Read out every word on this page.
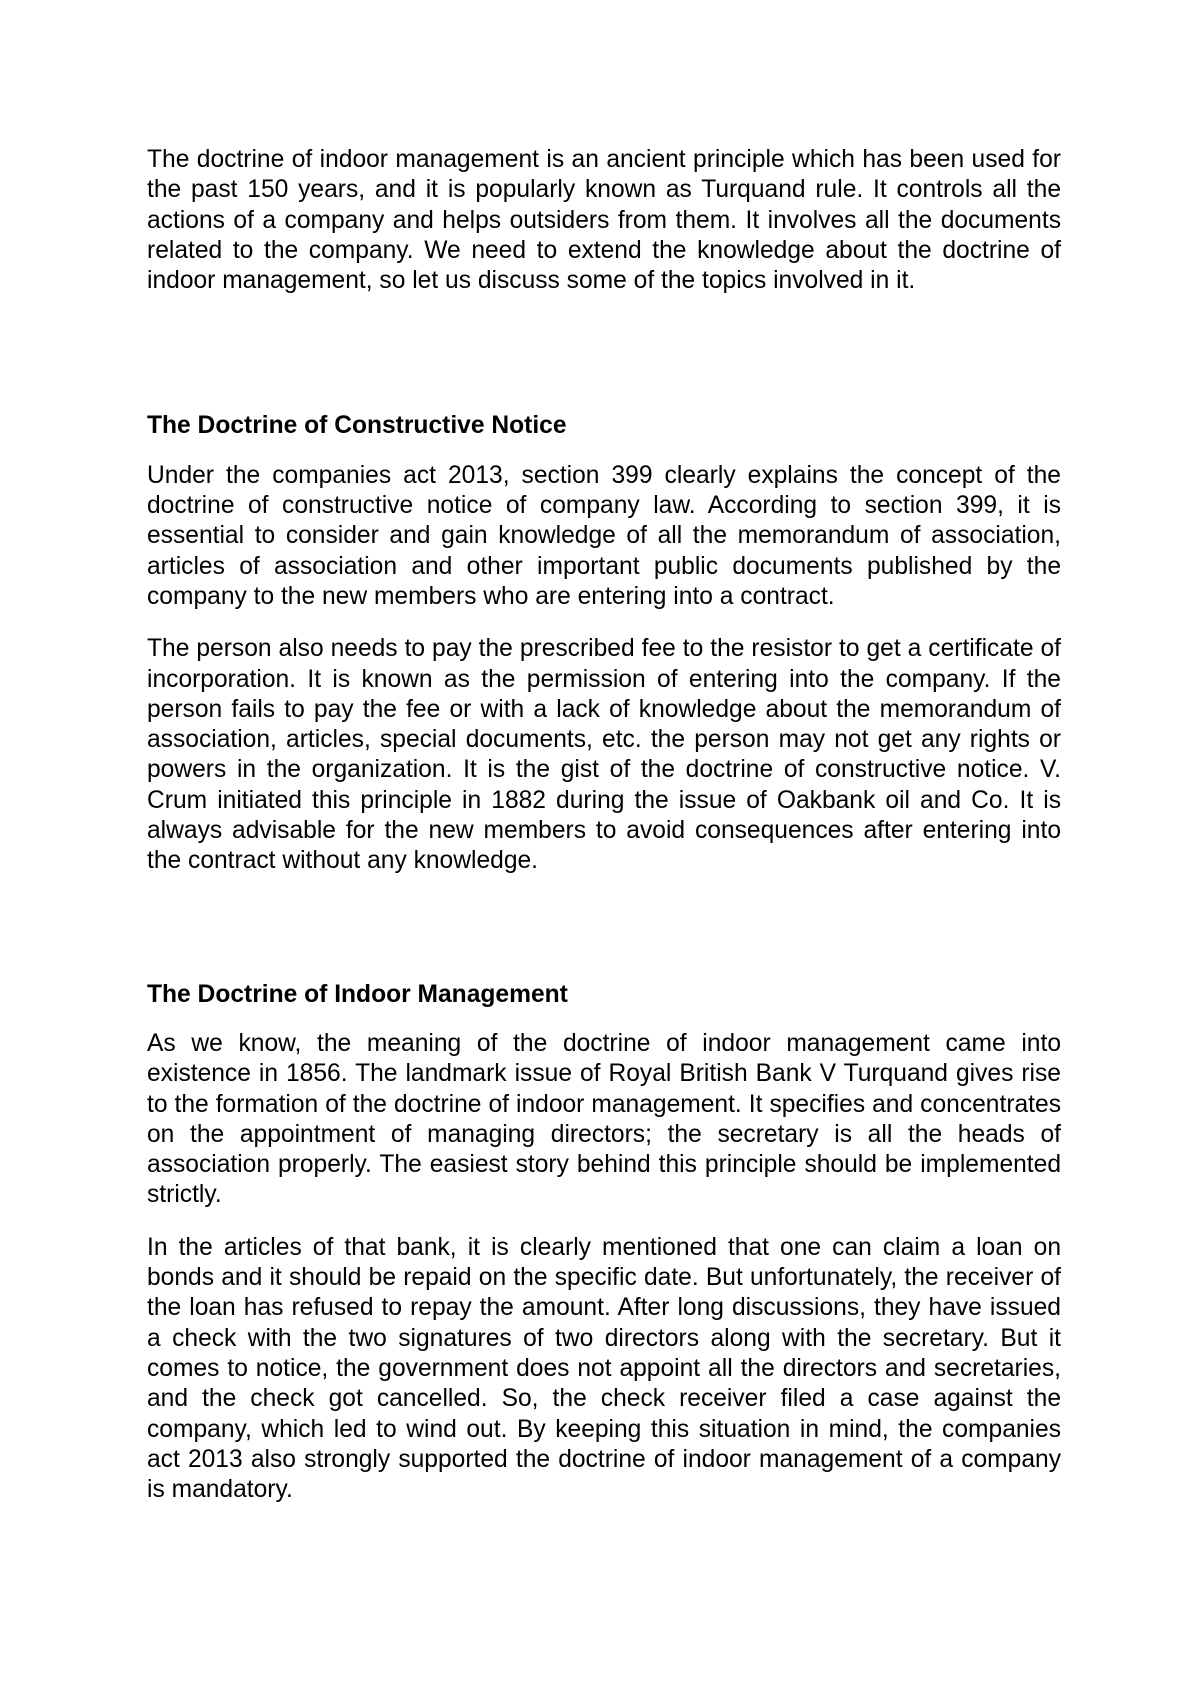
The doctrine of indoor management is an ancient principle which has been used for the past 150 years, and it is popularly known as Turquand rule. It controls all the actions of a company and helps outsiders from them. It involves all the documents related to the company. We need to extend the knowledge about the doctrine of indoor management, so let us discuss some of the topics involved in it.

The Doctrine of Constructive Notice

Under the companies act 2013, section 399 clearly explains the concept of the doctrine of constructive notice of company law. According to section 399, it is essential to consider and gain knowledge of all the memorandum of association, articles of association and other important public documents published by the company to the new members who are entering into a contract.

The person also needs to pay the prescribed fee to the resistor to get a certificate of incorporation. It is known as the permission of entering into the company. If the person fails to pay the fee or with a lack of knowledge about the memorandum of association, articles, special documents, etc. the person may not get any rights or powers in the organization. It is the gist of the doctrine of constructive notice. V. Crum initiated this principle in 1882 during the issue of Oakbank oil and Co. It is always advisable for the new members to avoid consequences after entering into the contract without any knowledge.

The Doctrine of Indoor Management

As we know, the meaning of the doctrine of indoor management came into existence in 1856. The landmark issue of Royal British Bank V Turquand gives rise to the formation of the doctrine of indoor management. It specifies and concentrates on the appointment of managing directors; the secretary is all the heads of association properly. The easiest story behind this principle should be implemented strictly.

In the articles of that bank, it is clearly mentioned that one can claim a loan on bonds and it should be repaid on the specific date. But unfortunately, the receiver of the loan has refused to repay the amount. After long discussions, they have issued a check with the two signatures of two directors along with the secretary. But it comes to notice, the government does not appoint all the directors and secretaries, and the check got cancelled. So, the check receiver filed a case against the company, which led to wind out. By keeping this situation in mind, the companies act 2013 also strongly supported the doctrine of indoor management of a company is mandatory.
